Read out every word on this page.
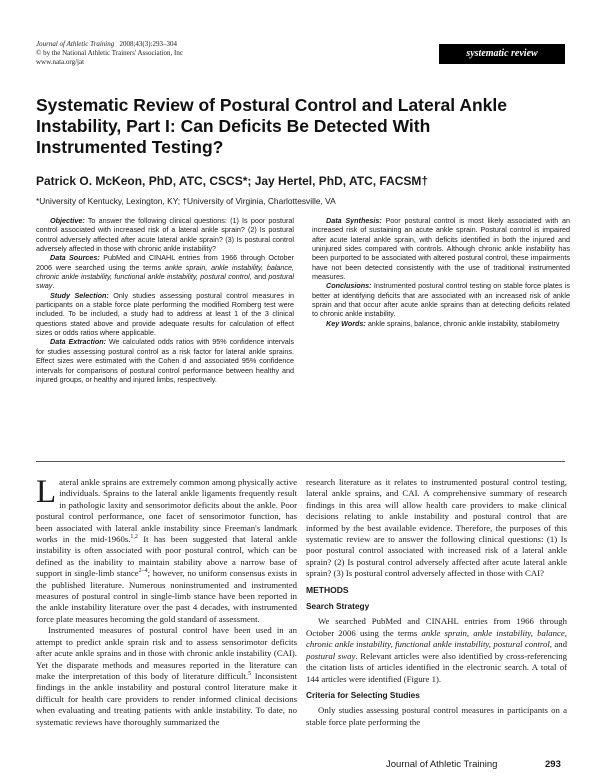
Journal of Athletic Training 2008;43(3):293–304
© by the National Athletic Trainers' Association, Inc
www.nata.org/jat
systematic review
Systematic Review of Postural Control and Lateral Ankle Instability, Part I: Can Deficits Be Detected With Instrumented Testing?

Patrick O. McKeon, PhD, ATC, CSCS*; Jay Hertel, PhD, ATC, FACSM†

*University of Kentucky, Lexington, KY; †University of Virginia, Charlottesville, VA

Objective: To answer the following clinical questions: (1) Is poor postural control associated with increased risk of a lateral ankle sprain? (2) Is postural control adversely affected after acute lateral ankle sprain? (3) Is postural control adversely affected in those with chronic ankle instability?

Data Sources: PubMed and CINAHL entries from 1966 through October 2006 were searched using the terms ankle sprain, ankle instability, balance, chronic ankle instability, functional ankle instability, postural control, and postural sway.

Study Selection: Only studies assessing postural control measures in participants on a stable force plate performing the modified Romberg test were included. To be included, a study had to address at least 1 of the 3 clinical questions stated above and provide adequate results for calculation of effect sizes or odds ratios where applicable.

Data Extraction: We calculated odds ratios with 95% confidence intervals for studies assessing postural control as a risk factor for lateral ankle sprains. Effect sizes were estimated with the Cohen d and associated 95% confidence intervals for comparisons of postural control performance between healthy and injured groups, or healthy and injured limbs, respectively.

Data Synthesis: Poor postural control is most likely associated with an increased risk of sustaining an acute ankle sprain. Postural control is impaired after acute lateral ankle sprain, with deficits identified in both the injured and uninjured sides compared with controls. Although chronic ankle instability has been purported to be associated with altered postural control, these impairments have not been detected consistently with the use of traditional instrumented measures.

Conclusions: Instrumented postural control testing on stable force plates is better at identifying deficits that are associated with an increased risk of ankle sprain and that occur after acute ankle sprains than at detecting deficits related to chronic ankle instability.

Key Words: ankle sprains, balance, chronic ankle instability, stabilometry

Lateral ankle sprains are extremely common among physically active individuals. Sprains to the lateral ankle ligaments frequently result in pathologic laxity and sensorimotor deficits about the ankle. Poor postural control performance, one facet of sensorimotor function, has been associated with lateral ankle instability since Freeman's landmark works in the mid-1960s.$^{1,2}$ It has been suggested that lateral ankle instability is often associated with poor postural control, which can be defined as the inability to maintain stability above a narrow base of support in single-limb stance$^{2-4}$; however, no uniform consensus exists in the published literature. Numerous noninstrumented and instrumented measures of postural control in single-limb stance have been reported in the ankle instability literature over the past 4 decades, with instrumented force plate measures becoming the gold standard of assessment.

Instrumented measures of postural control have been used in an attempt to predict ankle sprain risk and to assess sensorimotor deficits after acute ankle sprains and in those with chronic ankle instability (CAI). Yet the disparate methods and measures reported in the literature can make the interpretation of this body of literature difficult.$^5$ Inconsistent findings in the ankle instability and postural control literature make it difficult for health care providers to render informed clinical decisions when evaluating and treating patients with ankle instability. To date, no systematic reviews have thoroughly summarized the

research literature as it relates to instrumented postural control testing, lateral ankle sprains, and CAI. A comprehensive summary of research findings in this area will allow health care providers to make clinical decisions relating to ankle instability and postural control that are informed by the best available evidence. Therefore, the purposes of this systematic review are to answer the following clinical questions: (1) Is poor postural control associated with increased risk of a lateral ankle sprain? (2) Is postural control adversely affected after acute lateral ankle sprain? (3) Is postural control adversely affected in those with CAI?

METHODS
Search Strategy

We searched PubMed and CINAHL entries from 1966 through October 2006 using the terms ankle sprain, ankle instability, balance, chronic ankle instability, functional ankle instability, postural control, and postural sway. Relevant articles were also identified by cross-referencing the citation lists of articles identified in the electronic search. A total of 144 articles were identified (Figure 1).

Criteria for Selecting Studies

Only studies assessing postural control measures in participants on a stable force plate performing the

Journal of Athletic Training	293
